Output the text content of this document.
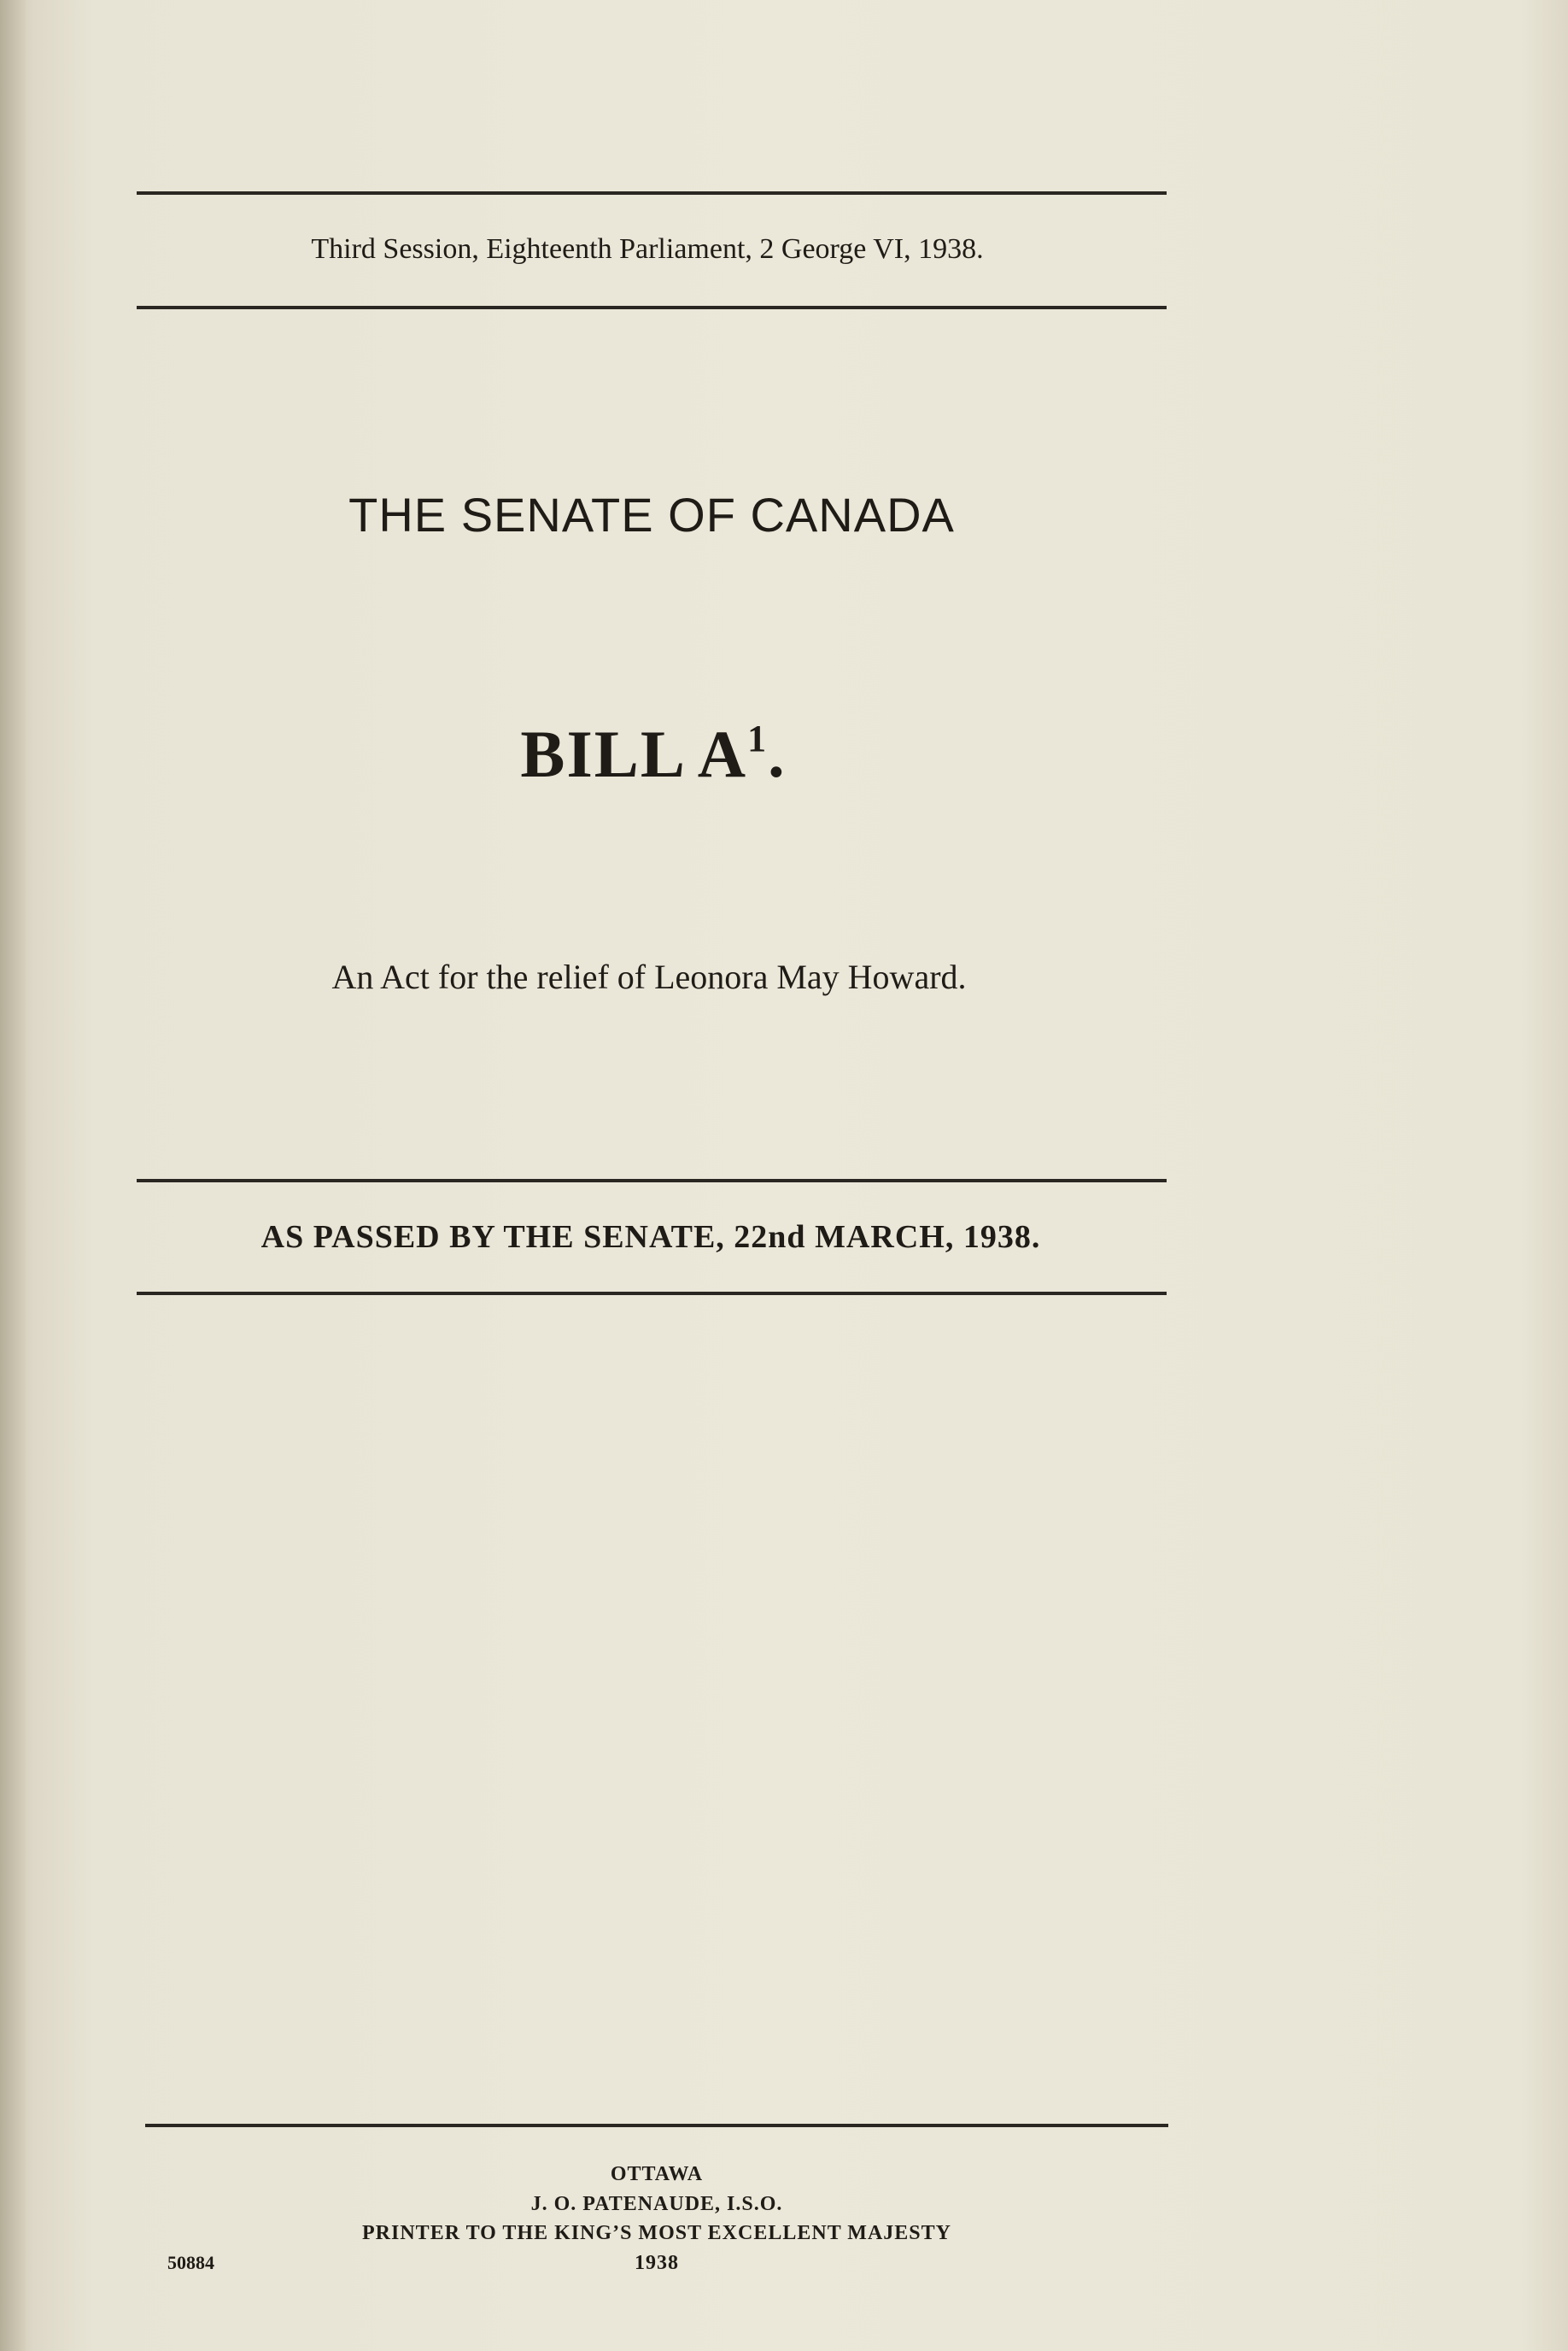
Third Session, Eighteenth Parliament, 2 George VI, 1938.
THE SENATE OF CANADA
BILL $A^1$.
An Act for the relief of Leonora May Howard.
AS PASSED BY THE SENATE, 22nd MARCH, 1938.
OTTAWA
J. O. PATENAUDE, I.S.O.
PRINTER TO THE KING’S MOST EXCELLENT MAJESTY
1938
50884
